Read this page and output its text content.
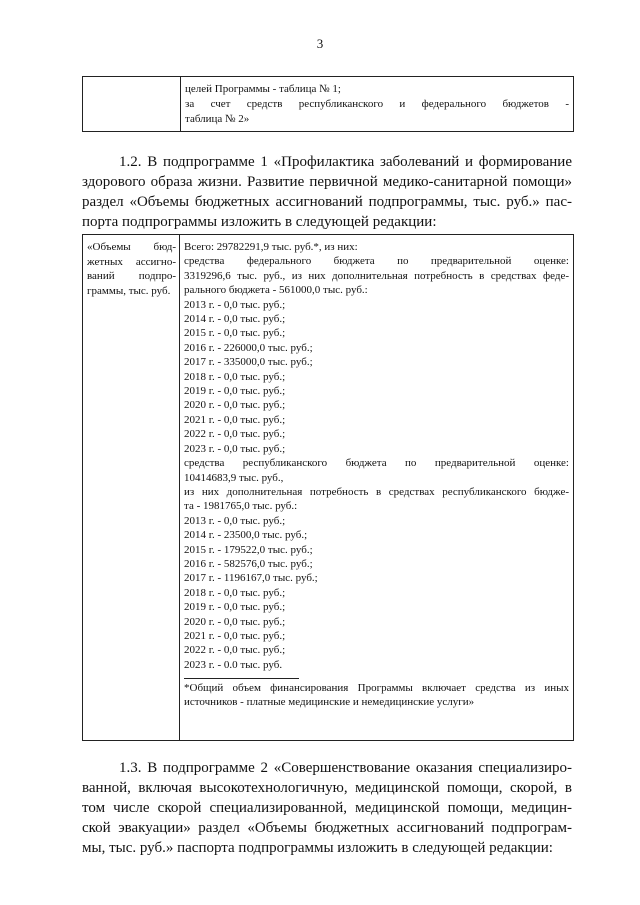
3
целей Программы - таблица № 1;
за счет средств республиканского и федерального бюджетов -
таблица № 2»
1.2. В подпрограмме 1 «Профилактика заболеваний и формирование
здорового образа жизни. Развитие первичной медико-санитарной помощи»
раздел «Объемы бюджетных ассигнований подпрограммы, тыс. руб.» пас-
порта подпрограммы изложить в следующей редакции:
«Объемы бюд-
жетных ассигно-
ваний подпро-
граммы, тыс. руб.
Всего: 29782291,9 тыс. руб.*, из них:
средства федерального бюджета по предварительной оценке:
3319296,6 тыс. руб., из них дополнительная потребность в средствах феде-
рального бюджета - 561000,0 тыс. руб.:
2013 г. - 0,0 тыс. руб.;
2014 г. - 0,0 тыс. руб.;
2015 г. - 0,0 тыс. руб.;
2016 г. - 226000,0 тыс. руб.;
2017 г. - 335000,0 тыс. руб.;
2018 г. - 0,0 тыс. руб.;
2019 г. - 0,0 тыс. руб.;
2020 г. - 0,0 тыс. руб.;
2021 г. - 0,0 тыс. руб.;
2022 г. - 0,0 тыс. руб.;
2023 г. - 0,0 тыс. руб.;
средства республиканского бюджета по предварительной оценке:
10414683,9 тыс. руб.,
из них дополнительная потребность в средствах республиканского бюдже-
та - 1981765,0 тыс. руб.:
2013 г. - 0,0 тыс. руб.;
2014 г. - 23500,0 тыс. руб.;
2015 г. - 179522,0 тыс. руб.;
2016 г. - 582576,0 тыс. руб.;
2017 г. - 1196167,0 тыс. руб.;
2018 г. - 0,0 тыс. руб.;
2019 г. - 0,0 тыс. руб.;
2020 г. - 0,0 тыс. руб.;
2021 г. - 0,0 тыс. руб.;
2022 г. - 0,0 тыс. руб.;
2023 г. - 0.0 тыс. руб.
*Общий объем финансирования Программы включает средства из иных
источников - платные медицинские и немедицинские услуги»
1.3. В подпрограмме 2 «Совершенствование оказания специализиро-
ванной, включая высокотехнологичную, медицинской помощи, скорой, в
том числе скорой специализированной, медицинской помощи, медицин-
ской эвакуации» раздел «Объемы бюджетных ассигнований подпрограм-
мы, тыс. руб.» паспорта подпрограммы изложить в следующей редакции:
